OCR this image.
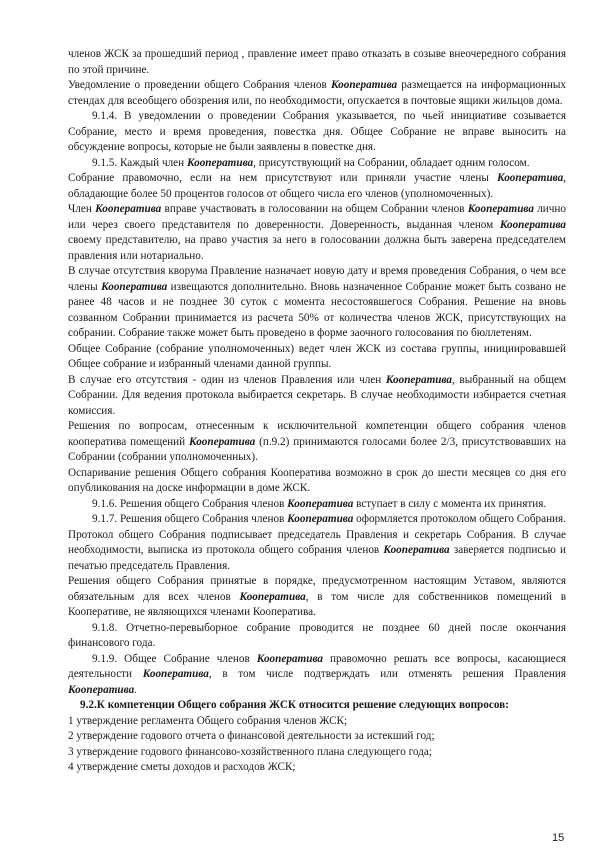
членов ЖСК за прошедший период , правление имеет право отказать в созыве внеочередного собрания по этой причине.

Уведомление о проведении общего Собрания членов Кооператива размещается на информационных стендах для всеобщего обозрения или, по необходимости, опускается в почтовые ящики жильцов дома.

9.1.4. В уведомлении о проведении Собрания указывается, по чьей инициативе созывается Собрание, место и время проведения, повестка дня. Общее Собрание не вправе выносить на обсуждение вопросы, которые не были заявлены в повестке дня.

9.1.5. Каждый член Кооператива, присутствующий на Собрании, обладает одним голосом.

Собрание правомочно, если на нем присутствуют или приняли участие члены Кооператива, обладающие более 50 процентов голосов от общего числа его членов (уполномоченных).

Член Кооператива вправе участвовать в голосовании на общем Собрании членов Кооператива лично или через своего представителя по доверенности. Доверенность, выданная членом Кооператива своему представителю, на право участия за него в голосовании должна быть заверена председателем правления или нотариально.

В случае отсутствия кворума Правление назначает новую дату и время проведения Собрания, о чем все члены Кооператива извещаются дополнительно. Вновь назначенное Собрание может быть созвано не ранее 48 часов и не позднее 30 суток с момента несостоявшегося Собрания. Решение на вновь созванном Собрании принимается из расчета 50% от количества членов ЖСК, присутствующих на собрании. Собрание также может быть проведено в форме заочного голосования по бюллетеням.

Общее Собрание (собрание уполномоченных) ведет член ЖСК из состава группы, инициировавшей Общее собрание и избранный членами данной группы.

В случае его отсутствия - один из членов Правления или член Кооператива, выбранный на общем Собрании. Для ведения протокола выбирается секретарь. В случае необходимости избирается счетная комиссия.

Решения по вопросам, отнесенным к исключительной компетенции общего собрания членов кооператива помещений Кооператива (п.9.2) принимаются голосами более 2/3, присутствовавших на Собрании (собрании уполномоченных).

Оспаривание решения Общего собрания Кооператива возможно в срок до шести месяцев со дня его опубликования на доске информации в доме ЖСК.

9.1.6. Решения общего Собрания членов Кооператива вступает в силу с момента их принятия.

9.1.7. Решения общего Собрания членов Кооператива оформляется протоколом общего Собрания. Протокол общего Собрания подписывает председатель Правления и секретарь Собрания. В случае необходимости, выписка из протокола общего собрания членов Кооператива заверяется подписью и печатью председатель Правления.

Решения общего Собрания принятые в порядке, предусмотренном настоящим Уставом, являются обязательным для всех членов Кооператива, в том числе для собственников помещений в Кооперативе, не являющихся членами Кооператива.

9.1.8. Отчетно-перевыборное собрание проводится не позднее 60 дней после окончания финансового года.

9.1.9. Общее Собрание членов Кооператива правомочно решать все вопросы, касающиеся деятельности Кооператива, в том числе подтверждать или отменять решения Правления Кооператива.

9.2.К компетенции Общего собрания ЖСК относится решение следующих вопросов:

1 утверждение регламента Общего собрания членов ЖСК;

2 утверждение годового отчета о финансовой деятельности за истекший год;

3 утверждение годового финансово-хозяйственного плана следующего года;

4 утверждение сметы доходов и расходов ЖСК;

15
